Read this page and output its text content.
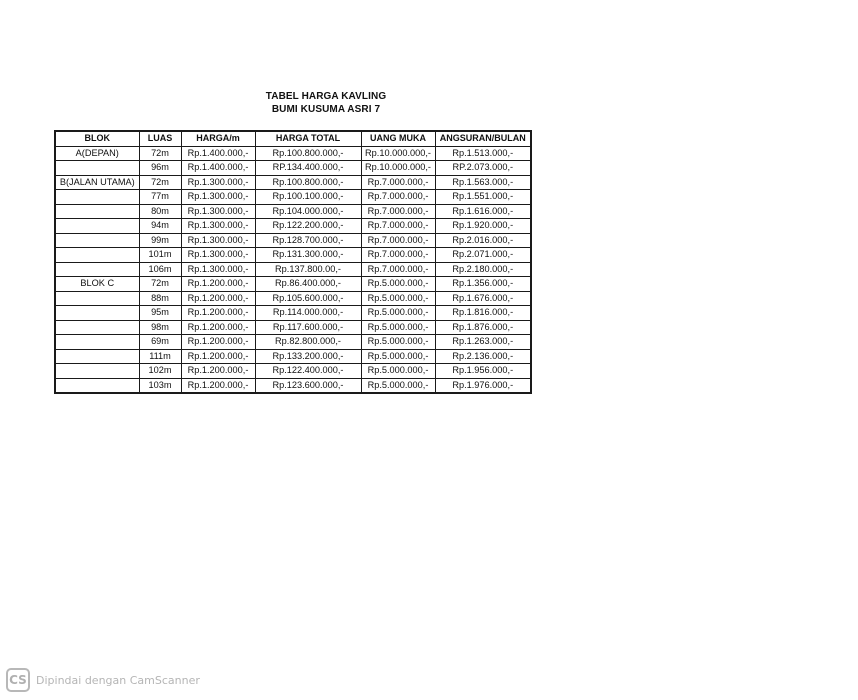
TABEL HARGA KAVLING
BUMI KUSUMA ASRI 7
BLOK	LUAS	HARGA/m	HARGA TOTAL	UANG MUKA	ANGSURAN/BULAN
A(DEPAN)	72m	Rp.1.400.000,-	Rp.100.800.000,-	Rp.10.000.000,-	Rp.1.513.000,-
	96m	Rp.1.400.000,-	RP.134.400.000,-	Rp.10.000.000,-	RP.2.073.000,-
B(JALAN UTAMA)	72m	Rp.1.300.000,-	Rp.100.800.000,-	Rp.7.000.000,-	Rp.1.563.000,-
	77m	Rp.1.300.000,-	Rp.100.100.000,-	Rp.7.000.000,-	Rp.1.551.000,-
	80m	Rp.1.300.000,-	Rp.104.000.000,-	Rp.7.000.000,-	Rp.1.616.000,-
	94m	Rp.1.300.000,-	Rp.122.200.000,-	Rp.7.000.000,-	Rp.1.920.000,-
	99m	Rp.1.300.000,-	Rp.128.700.000,-	Rp.7.000.000,-	Rp.2.016.000,-
	101m	Rp.1.300.000,-	Rp.131.300.000,-	Rp.7.000.000,-	Rp.2.071.000,-
	106m	Rp.1.300.000,-	Rp.137.800.00,-	Rp.7.000.000,-	Rp.2.180.000,-
BLOK C	72m	Rp.1.200.000,-	Rp.86.400.000,-	Rp.5.000.000,-	Rp.1.356.000,-
	88m	Rp.1.200.000,-	Rp.105.600.000,-	Rp.5.000.000,-	Rp.1.676.000,-
	95m	Rp.1.200.000,-	Rp.114.000.000,-	Rp.5.000.000,-	Rp.1.816.000,-
	98m	Rp.1.200.000,-	Rp.117.600.000,-	Rp.5.000.000,-	Rp.1.876.000,-
	69m	Rp.1.200.000,-	Rp.82.800.000,-	Rp.5.000.000,-	Rp.1.263.000,-
	111m	Rp.1.200.000,-	Rp.133.200.000,-	Rp.5.000.000,-	Rp.2.136.000,-
	102m	Rp.1.200.000,-	Rp.122.400.000,-	Rp.5.000.000,-	Rp.1.956.000,-
	103m	Rp.1.200.000,-	Rp.123.600.000,-	Rp.5.000.000,-	Rp.1.976.000,-
CS Dipindai dengan CamScanner
